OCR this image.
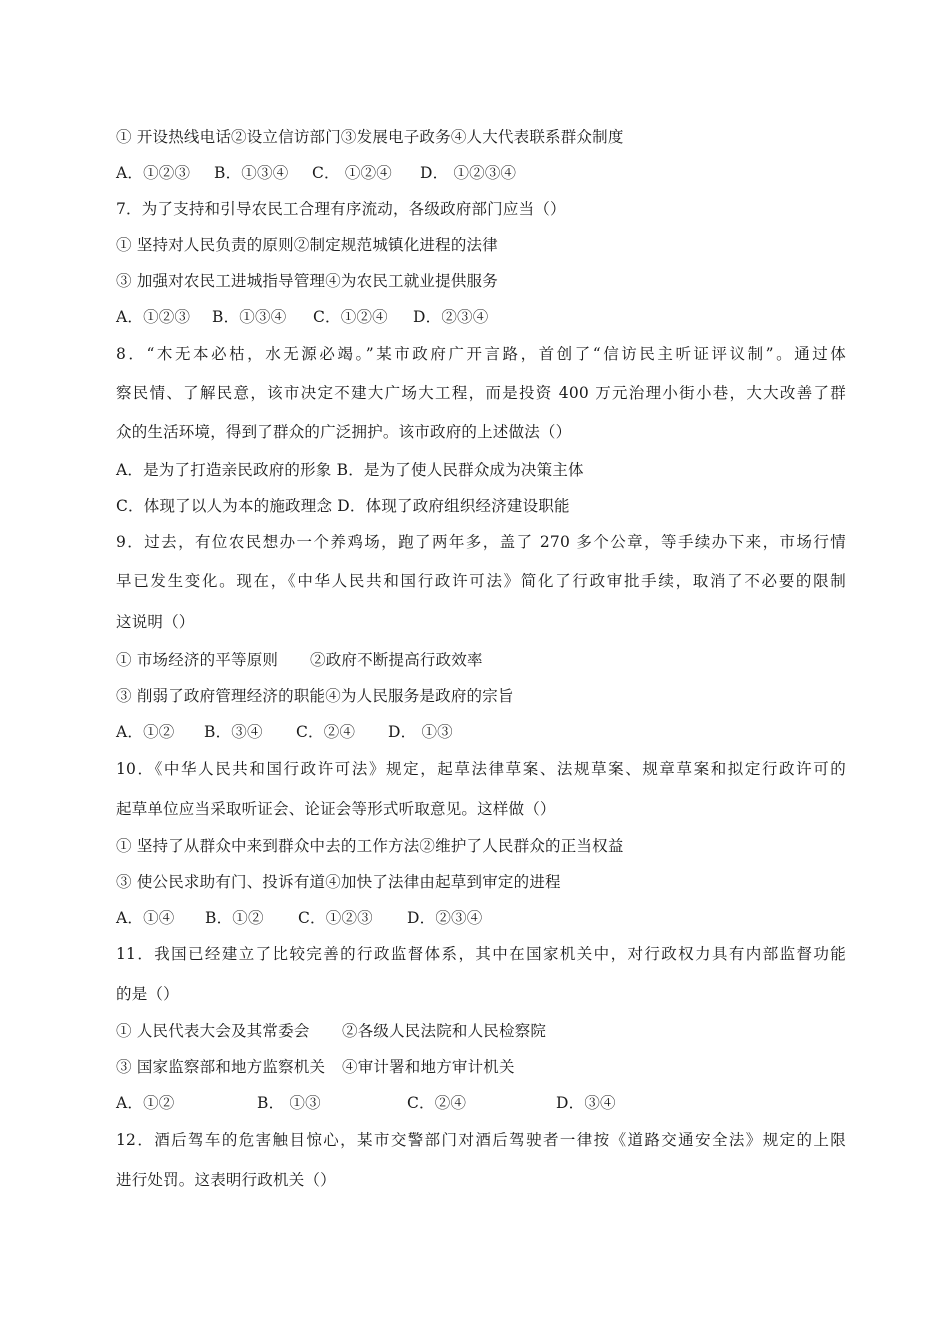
① 开设热线电话②设立信访部门③发展电子政务④人大代表联系群众制度
A．①②③ B．①③④ C． ①②④ D． ①②③④
7．为了支持和引导农民工合理有序流动，各级政府部门应当（）
① 坚持对人民负责的原则②制定规范城镇化进程的法律
③ 加强对农民工进城指导管理④为农民工就业提供服务
A．①②③ B．①③④ C．①②④ D．②③④
8．“木无本必枯，水无源必竭。”某市政府广开言路，首创了“信访民主听证评议制”。通过体
察民情、了解民意，该市决定不建大广场大工程，而是投资 400 万元治理小街小巷，大大改善了群
众的生活环境，得到了群众的广泛拥护。该市政府的上述做法（）
A．是为了打造亲民政府的形象 B．是为了使人民群众成为决策主体
C．体现了以人为本的施政理念 D．体现了政府组织经济建设职能
9．过去，有位农民想办一个养鸡场，跑了两年多，盖了 270 多个公章，等手续办下来，市场行情
早已发生变化。现在，《中华人民共和国行政许可法》简化了行政审批手续，取消了不必要的限制
这说明（）
① 市场经济的平等原则 ②政府不断提高行政效率
③ 削弱了政府管理经济的职能④为人民服务是政府的宗旨
A．①② B．③④ C．②④ D． ①③
10．《中华人民共和国行政许可法》规定，起草法律草案、法规草案、规章草案和拟定行政许可的
起草单位应当采取听证会、论证会等形式听取意见。这样做（）
① 坚持了从群众中来到群众中去的工作方法②维护了人民群众的正当权益
③ 使公民求助有门、投诉有道④加快了法律由起草到审定的进程
A．①④ B．①② C．①②③ D．②③④
11．我国已经建立了比较完善的行政监督体系，其中在国家机关中，对行政权力具有内部监督功能
的是（）
① 人民代表大会及其常委会 ②各级人民法院和人民检察院
③ 国家监察部和地方监察机关 ④审计署和地方审计机关
A．①②	B． ①③	C．②④	D．③④
12．酒后驾车的危害触目惊心，某市交警部门对酒后驾驶者一律按《道路交通安全法》规定的上限
进行处罚。这表明行政机关（）
